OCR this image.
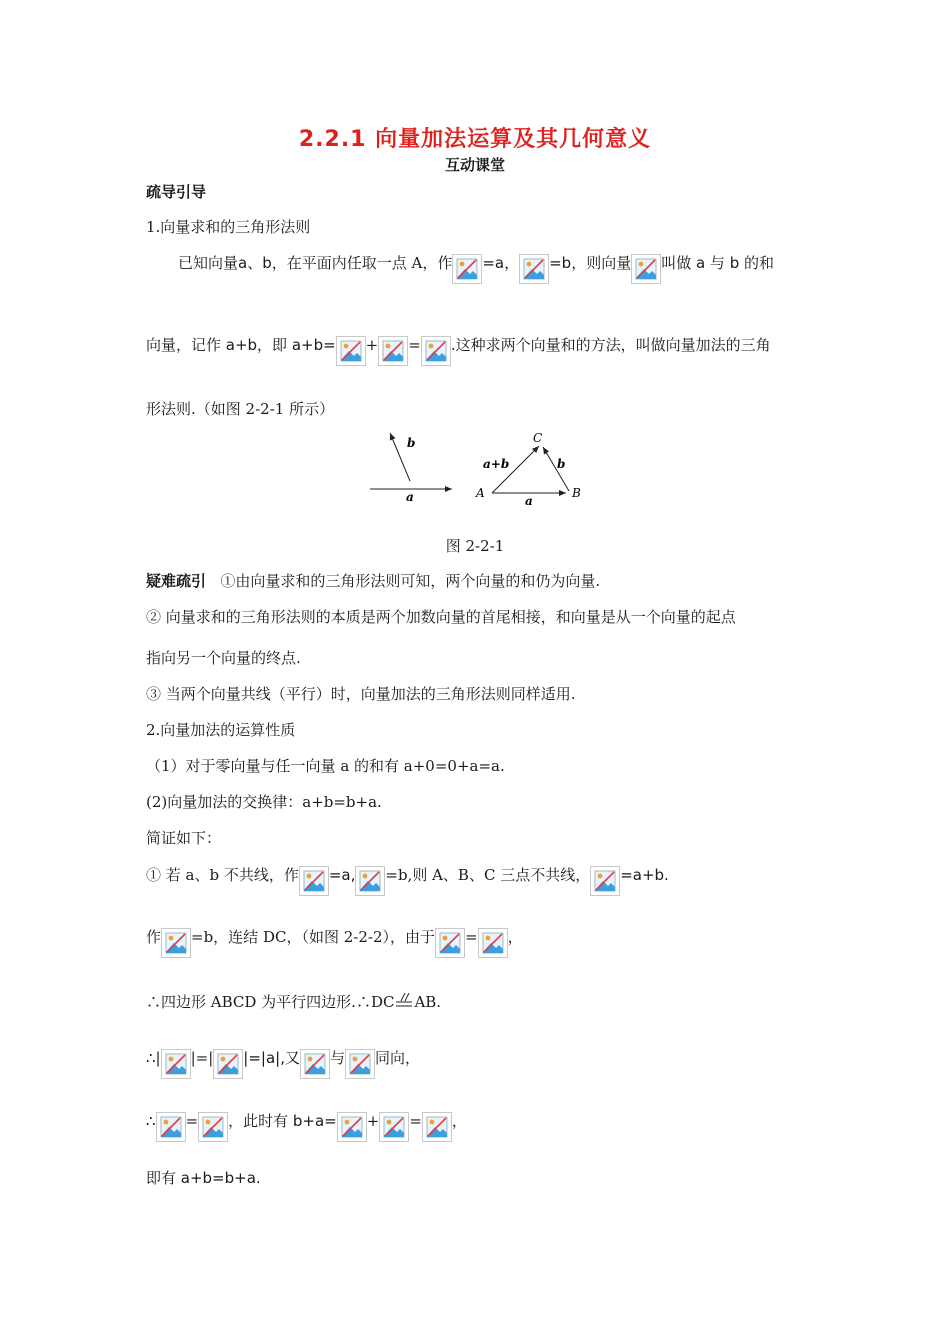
2.2.1 向量加法运算及其几何意义
互动课堂
疏导引导
1.向量求和的三角形法则
已知向量a、b，在平面内任取一点 A，作 =a， =b，则向量 叫做 a 与 b 的和
向量，记作 a+b，即 a+b= + = .这种求两个向量和的方法，叫做向量加法的三角
形法则.（如图 2-2-1 所示）
b
a
a+b	b
a
A	B
C
图 2-2-1
疑难疏引 ①由向量求和的三角形法则可知，两个向量的和仍为向量.
② 向量求和的三角形法则的本质是两个加数向量的首尾相接，和向量是从一个向量的起点
指向另一个向量的终点.
③ 当两个向量共线（平行）时，向量加法的三角形法则同样适用.
2.向量加法的运算性质
（1）对于零向量与任一向量 a 的和有 a+0=0+a=a.
(2)向量加法的交换律：a+b=b+a.
简证如下：
① 若 a、b 不共线，作 =a, =b,则 A、B、C 三点不共线， =a+b.
作 =b，连结 DC，（如图 2-2-2），由于 = ，
∴四边形 ABCD 为平行四边形.∴DC AB.
∴| |=| |=|a|,又 与 同向，
∴ = ，此时有 b+a= + = ，
即有 a+b=b+a.
